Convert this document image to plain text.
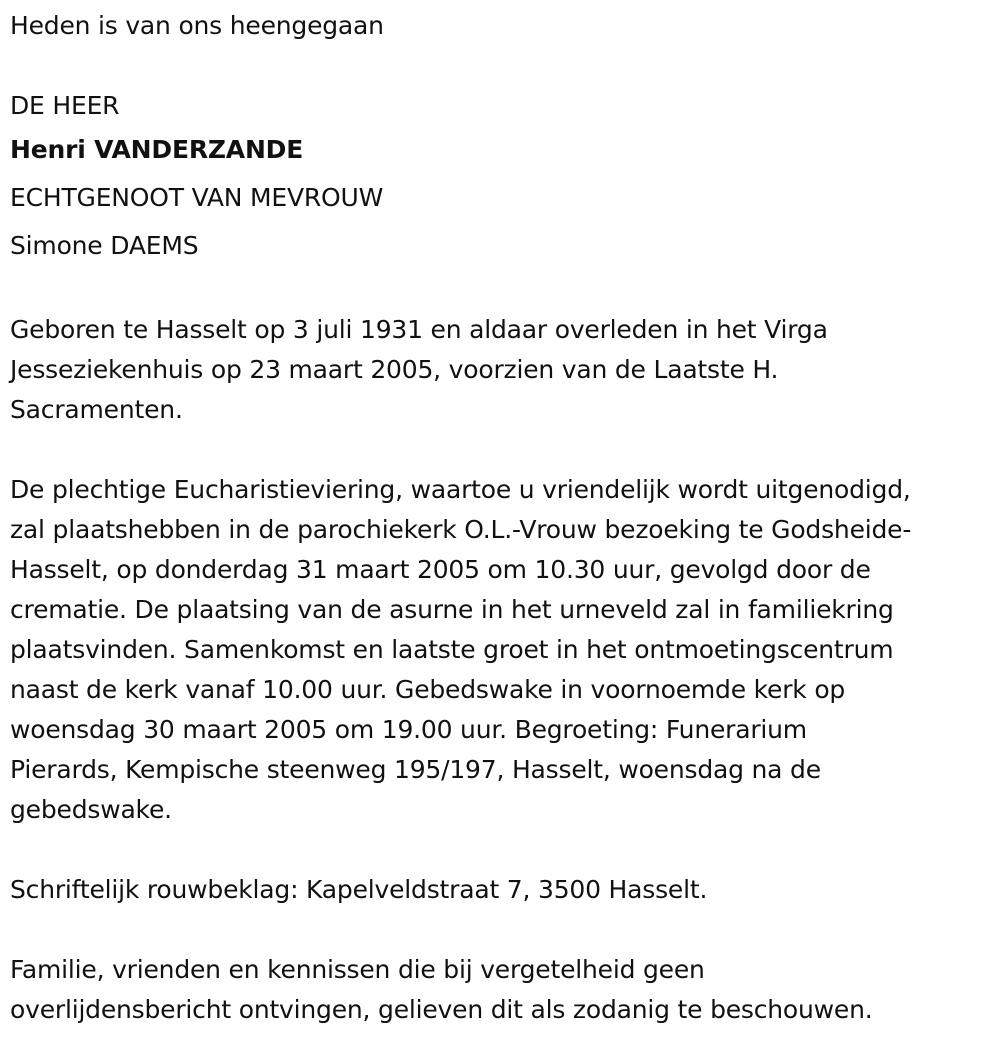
Heden is van ons heengegaan
DE HEER
Henri VANDERZANDE
ECHTGENOOT VAN MEVROUW
Simone DAEMS

Geboren te Hasselt op 3 juli 1931 en aldaar overleden in het Virga
Jesseziekenhuis op 23 maart 2005, voorzien van de Laatste H.
Sacramenten.

De plechtige Eucharistieviering, waartoe u vriendelijk wordt uitgenodigd,
zal plaatshebben in de parochiekerk O.L.-Vrouw bezoeking te Godsheide-
Hasselt, op donderdag 31 maart 2005 om 10.30 uur, gevolgd door de
crematie. De plaatsing van de asurne in het urneveld zal in familiekring
plaatsvinden. Samenkomst en laatste groet in het ontmoetingscentrum
naast de kerk vanaf 10.00 uur. Gebedswake in voornoemde kerk op
woensdag 30 maart 2005 om 19.00 uur. Begroeting: Funerarium
Pierards, Kempische steenweg 195/197, Hasselt, woensdag na de
gebedswake.

Schriftelijk rouwbeklag: Kapelveldstraat 7, 3500 Hasselt.

Familie, vrienden en kennissen die bij vergetelheid geen
overlijdensbericht ontvingen, gelieven dit als zodanig te beschouwen.
